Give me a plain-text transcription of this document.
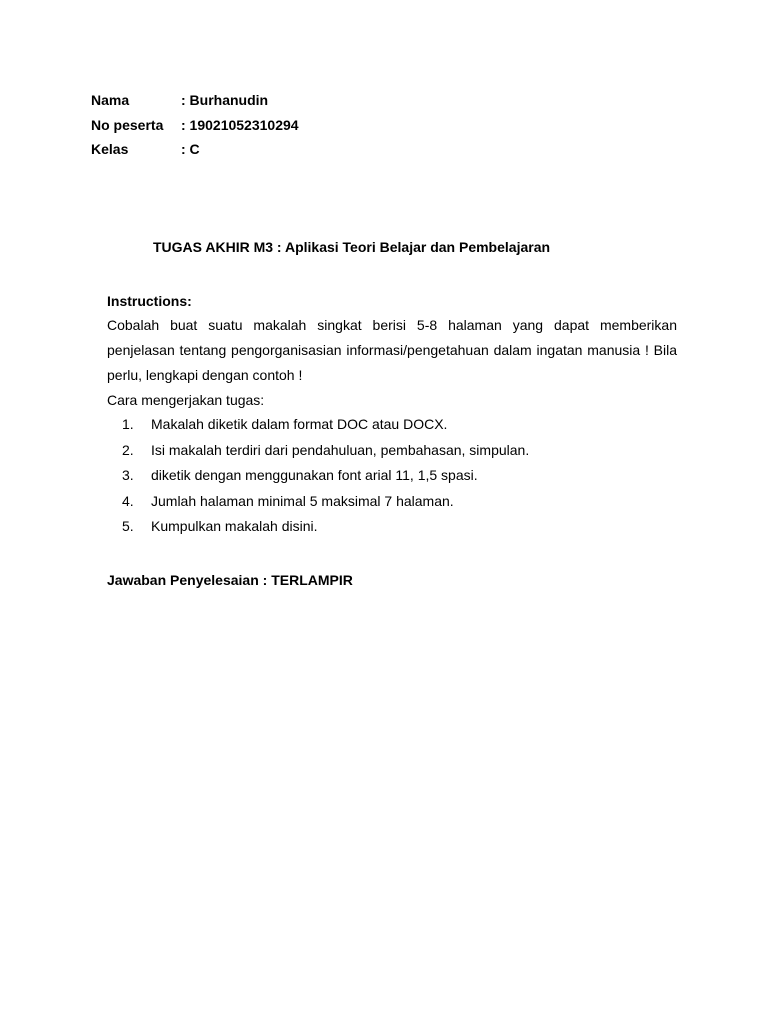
Nama	: Burhanudin
No peserta	: 19021052310294
Kelas	: C
TUGAS AKHIR M3 : Aplikasi Teori Belajar dan Pembelajaran
Instructions:

Cobalah buat suatu makalah singkat berisi 5-8 halaman yang dapat memberikan penjelasan tentang pengorganisasian informasi/pengetahuan dalam ingatan manusia ! Bila perlu, lengkapi dengan contoh !

Cara mengerjakan tugas:
1.	Makalah diketik dalam format DOC atau DOCX.
2.	Isi makalah terdiri dari pendahuluan, pembahasan, simpulan.
3.	diketik dengan menggunakan font arial 11, 1,5 spasi.
4.	Jumlah halaman minimal 5 maksimal 7 halaman.
5.	Kumpulkan makalah disini.
Jawaban Penyelesaian : TERLAMPIR
